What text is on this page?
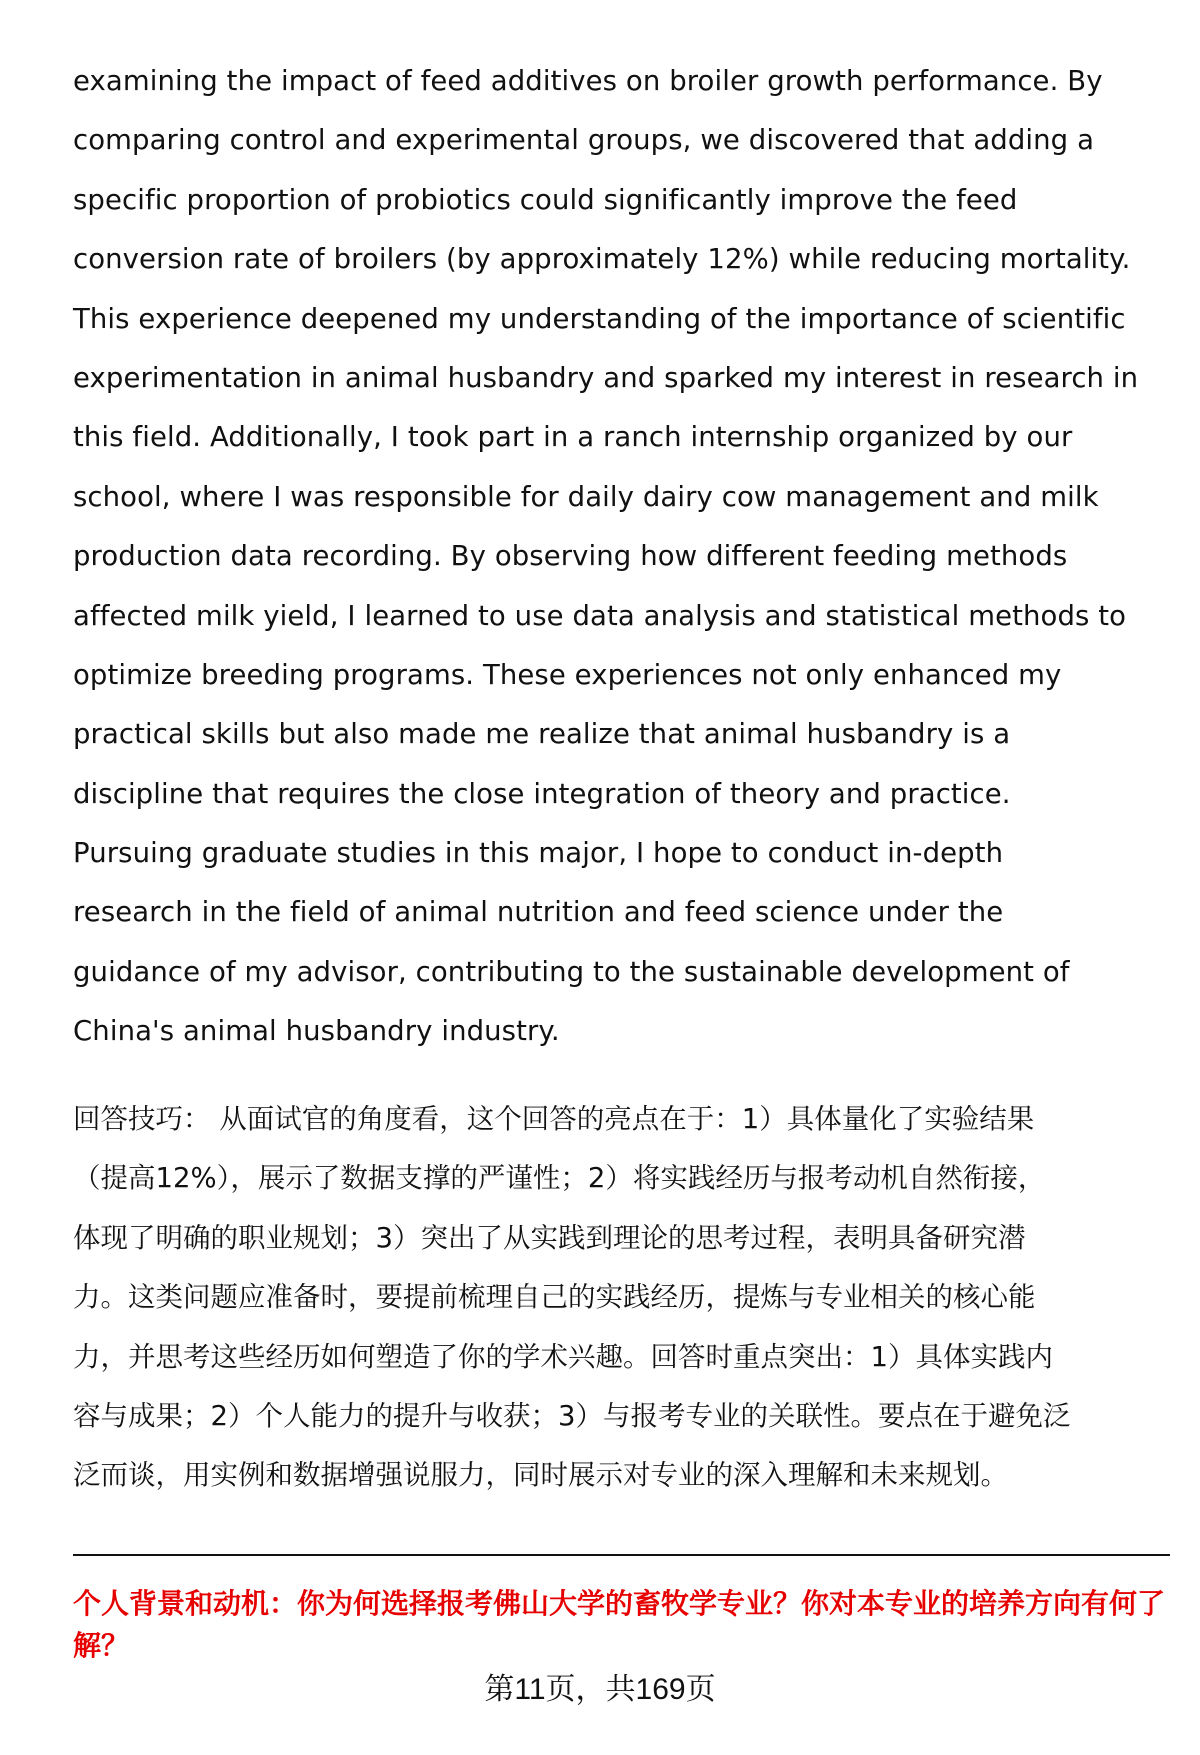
examining the impact of feed additives on broiler growth performance. By
comparing control and experimental groups, we discovered that adding a
specific proportion of probiotics could significantly improve the feed
conversion rate of broilers (by approximately 12%) while reducing mortality.
This experience deepened my understanding of the importance of scientific
experimentation in animal husbandry and sparked my interest in research in
this field. Additionally, I took part in a ranch internship organized by our
school, where I was responsible for daily dairy cow management and milk
production data recording. By observing how different feeding methods
affected milk yield, I learned to use data analysis and statistical methods to
optimize breeding programs. These experiences not only enhanced my
practical skills but also made me realize that animal husbandry is a
discipline that requires the close integration of theory and practice.
Pursuing graduate studies in this major, I hope to conduct in-depth
research in the field of animal nutrition and feed science under the
guidance of my advisor, contributing to the sustainable development of
China's animal husbandry industry.
回答技巧： 从面试官的角度看，这个回答的亮点在于：1）具体量化了实验结果
（提高12%），展示了数据支撑的严谨性；2）将实践经历与报考动机自然衔接，
体现了明确的职业规划；3）突出了从实践到理论的思考过程，表明具备研究潜
力。这类问题应准备时，要提前梳理自己的实践经历，提炼与专业相关的核心能
力，并思考这些经历如何塑造了你的学术兴趣。回答时重点突出：1）具体实践内
容与成果；2）个人能力的提升与收获；3）与报考专业的关联性。要点在于避免泛
泛而谈，用实例和数据增强说服力，同时展示对专业的深入理解和未来规划。
个人背景和动机：你为何选择报考佛山大学的畜牧学专业？你对本专业的培养方向有何了解？
第11页，共169页
